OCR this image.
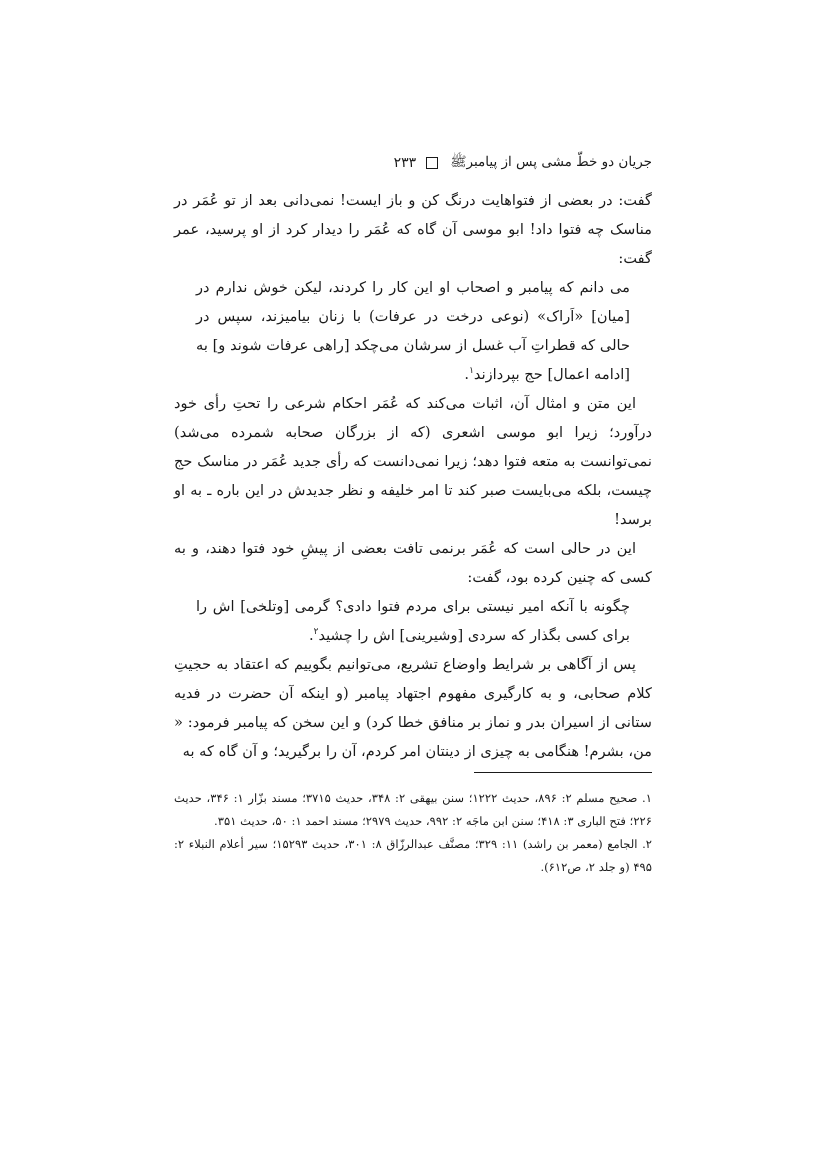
جریان دو خطّ مشی پس از پیامبرﷺ
۲۳۳

گفت: در بعضی از فتواهایت درنگ کن و باز ایست! نمی‌دانی بعد از تو عُمَر در مناسک چه فتوا داد! ابو موسی آن گاه که عُمَر را دیدار کرد از او پرسید، عمر گفت:

می دانم که پیامبر و اصحاب او این کار را کردند، لیکن خوش ندارم در [میان] «اَراک» (نوعی درخت در عرفات) با زنان بیامیزند، سپس در حالی که قطراتِ آب غسل از سرشان می‌چکد [راهی عرفات شوند و] به [ادامه اعمال] حج بپردازند$^۱$.

این متن و امثال آن، اثبات می‌کند که عُمَر احکام شرعی را تحتِ رأی خود درآورد؛ زیرا ابو موسی اشعری (که از بزرگان صحابه شمرده می‌شد) نمی‌توانست به متعه فتوا دهد؛ زیرا نمی‌دانست که رأی جدید عُمَر در مناسک حج چیست، بلکه می‌بایست صبر کند تا امر خلیفه و نظر جدیدش در این باره ـ به او برسد!

این در حالی است که عُمَر برنمی تافت بعضی از پیشِ خود فتوا دهند، و به کسی که چنین کرده بود، گفت:

چگونه با آنکه امیر نیستی برای مردم فتوا دادی؟ گرمی [وتلخی] اش را برای کسی بگذار که سردی [وشیرینی] اش را چشید$^۲$.

پس از آگاهی بر شرایط واوضاع تشریع، می‌توانیم بگوییم که اعتقاد به حجیتِ کلام صحابی، و به کارگیری مفهوم اجتهاد پیامبر (و اینکه آن حضرت در فدیه ستانی از اسیران بدر و نماز بر منافق خطا کرد) و این سخن که پیامبر فرمود: « من، بشرم! هنگامی به چیزی از دینتان امر کردم، آن را برگیرید؛ و آن گاه که به

۱. صحیح مسلم ۲: ۸۹۶، حدیث ۱۲۲۲؛ سنن بیهقی ۲: ۳۴۸، حدیث ۳۷۱۵؛ مسند بزّار ۱: ۳۴۶، حدیث ۲۲۶؛ فتح الباری ۳: ۴۱۸؛ سنن ابن ماجَه ۲: ۹۹۲، حدیث ۲۹۷۹؛ مسند احمد ۱: ۵۰، حدیث ۳۵۱.

۲. الجامع (معمر بن راشد) ۱۱: ۳۲۹؛ مصنَّف عبدالرزّاق ۸: ۳۰۱، حدیث ۱۵۲۹۳؛ سیر أعلام النبلاء ۲: ۴۹۵ (و جلد ۲، ص۶۱۲).
